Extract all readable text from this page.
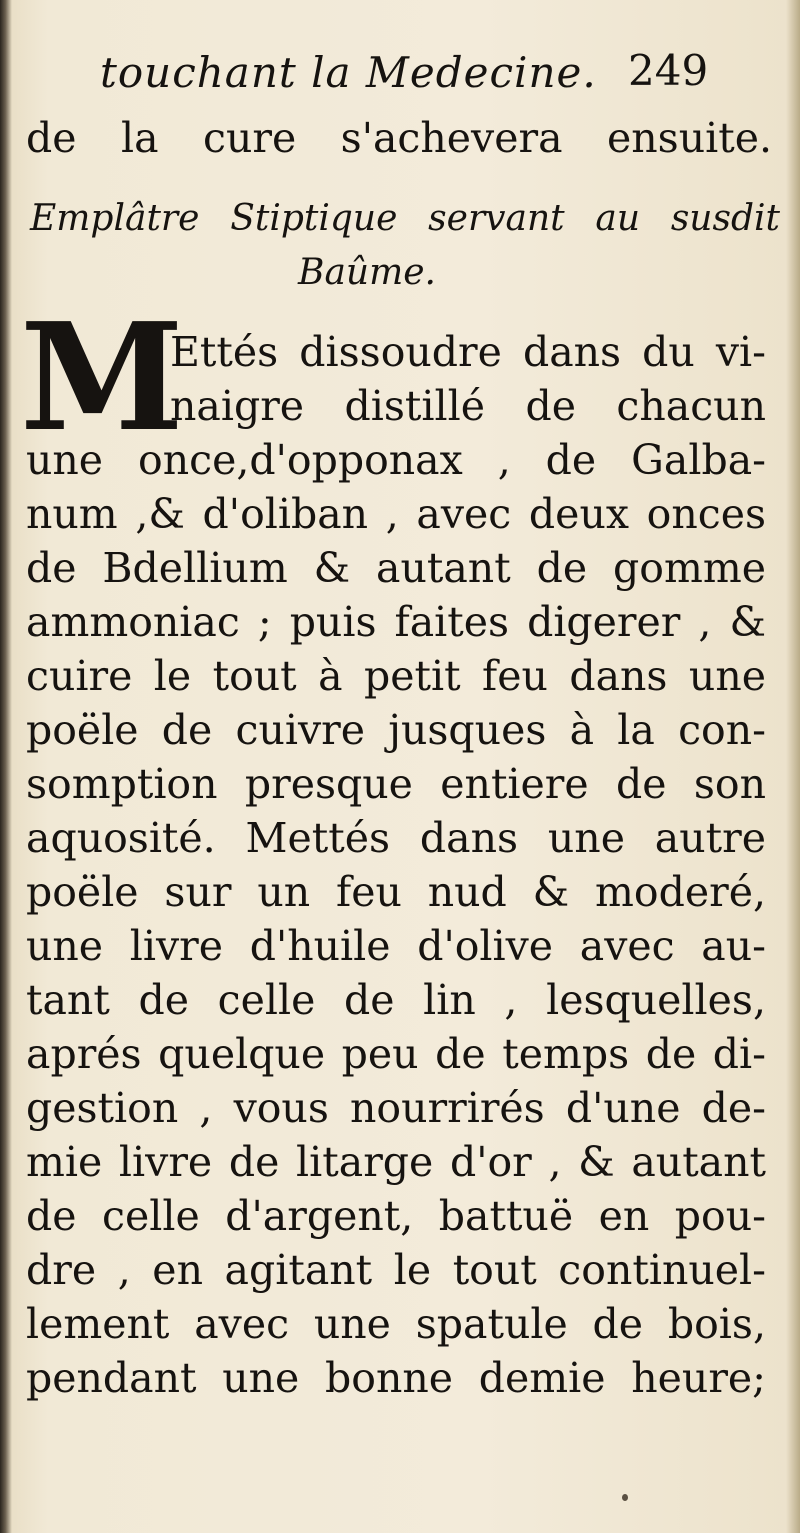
touchant la Medecine. 249
de la cure s'achevera ensuite.
Emplâtre Stiptique servant au susdit
Baûme.
M
Ettés dissoudre dans du vi-
naigre distillé de chacun
une once,d'opponax , de Galba-
num ,& d'oliban , avec deux onces
de Bdellium & autant de gomme
ammoniac ; puis faites digerer , &
cuire le tout à petit feu dans une
poële de cuivre jusques à la con-
somption presque entiere de son
aquosité. Mettés dans une autre
poële sur un feu nud & moderé,
une livre d'huile d'olive avec au-
tant de celle de lin , lesquelles,
aprés quelque peu de temps de di-
gestion , vous nourrirés d'une de-
mie livre de litarge d'or , & autant
de celle d'argent, battuë en pou-
dre , en agitant le tout continuel-
lement avec une spatule de bois,
pendant une bonne demie heure;
